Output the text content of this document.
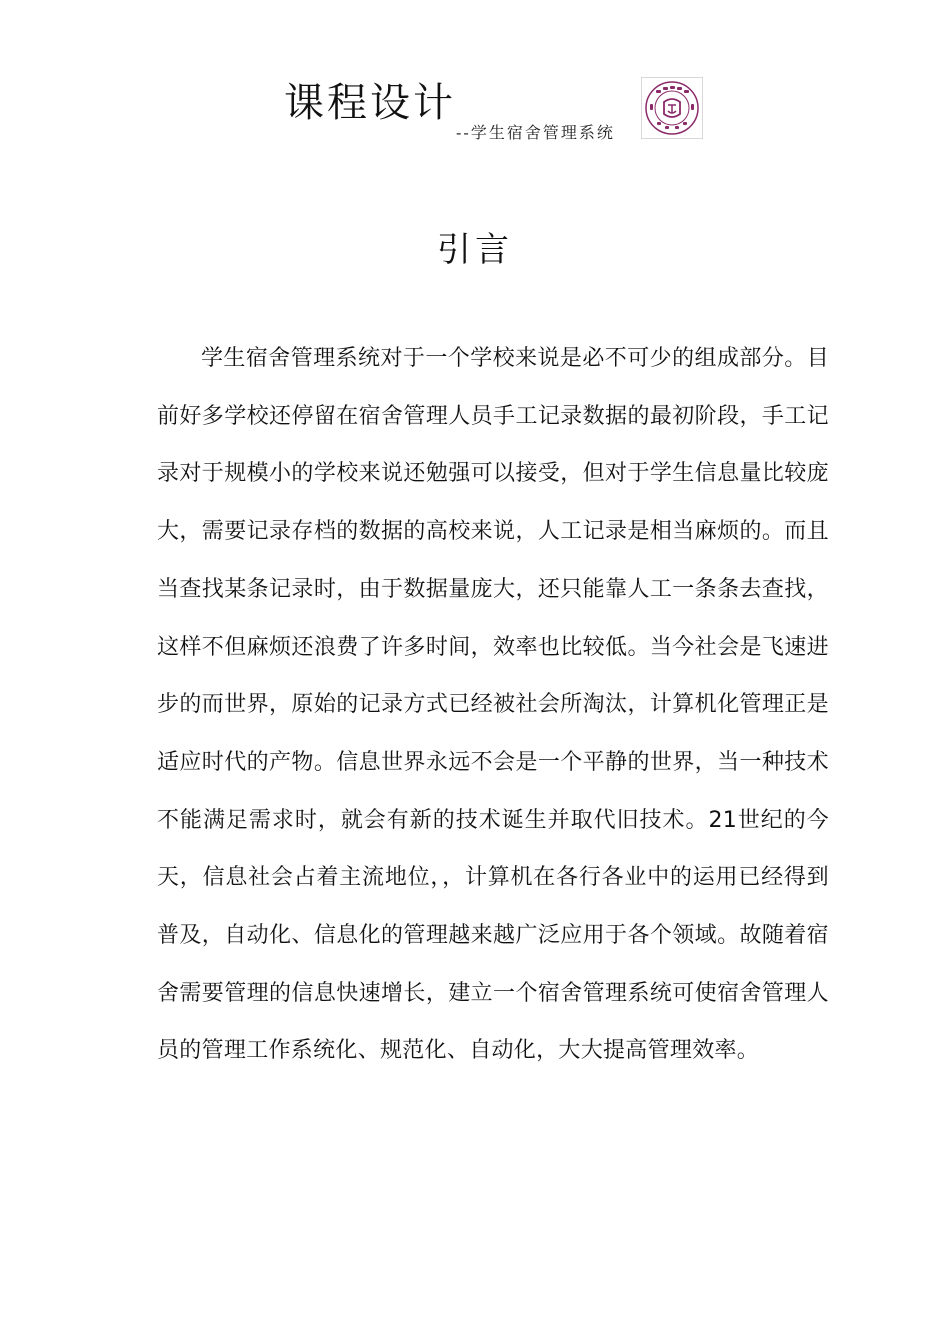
课程设计
--学生宿舍管理系统
引言

学生宿舍管理系统对于一个学校来说是必不可少的组成部分。目前好多学校还停留在宿舍管理人员手工记录数据的最初阶段，手工记录对于规模小的学校来说还勉强可以接受，但对于学生信息量比较庞大，需要记录存档的数据的高校来说，人工记录是相当麻烦的。而且当查找某条记录时，由于数据量庞大，还只能靠人工一条条去查找，这样不但麻烦还浪费了许多时间，效率也比较低。当今社会是飞速进步的而世界，原始的记录方式已经被社会所淘汰，计算机化管理正是适应时代的产物。信息世界永远不会是一个平静的世界，当一种技术不能满足需求时，就会有新的技术诞生并取代旧技术。21世纪的今天，信息社会占着主流地位，，计算机在各行各业中的运用已经得到普及，自动化、信息化的管理越来越广泛应用于各个领域。故随着宿舍需要管理的信息快速增长，建立一个宿舍管理系统可使宿舍管理人员的管理工作系统化、规范化、自动化，大大提高管理效率。
